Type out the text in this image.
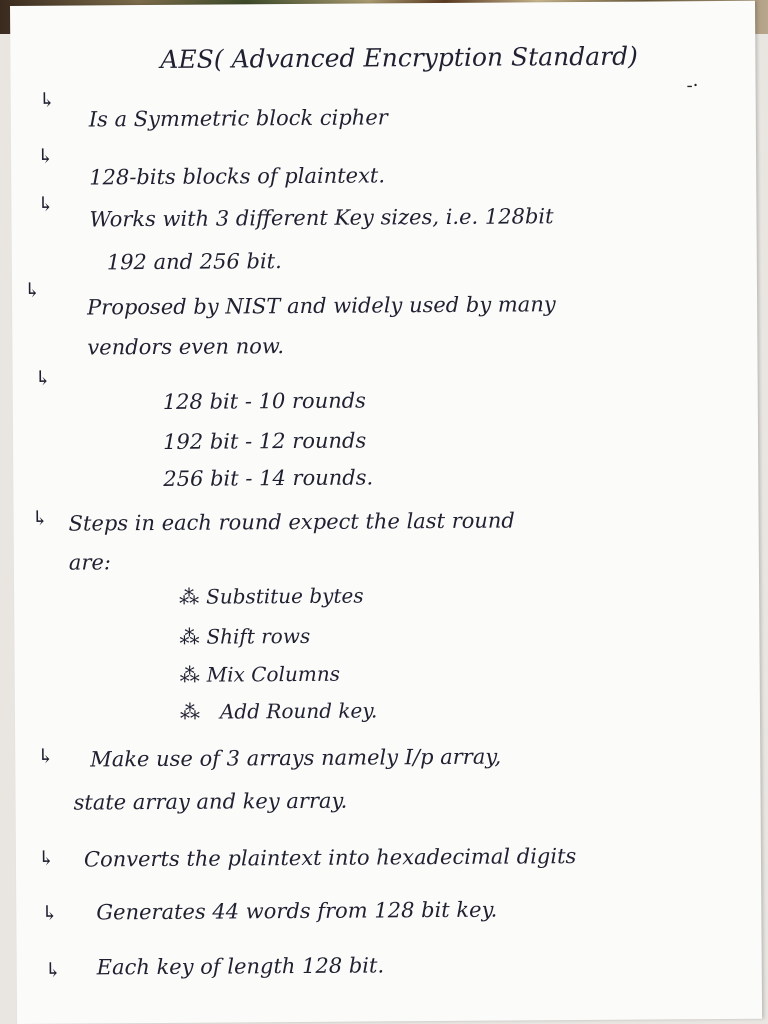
AES( Advanced Encryption Standard)
-·
↳
Is a Symmetric block cipher
↳
128-bits blocks of plaintext.
↳
Works with 3 different Key sizes, i.e. 128bit
192 and 256 bit.
↳
Proposed by NIST and widely used by many
vendors even now.
↳
128 bit - 10 rounds
192 bit - 12 rounds
256 bit - 14 rounds.
↳ Steps in each round expect the last round
are:
⁂ Substitue bytes
⁂ Shift rows
⁂ Mix Columns
⁂ Add Round key.
↳ Make use of 3 arrays namely I/p array,
state array and key array.
↳ Converts the plaintext into hexadecimal digits
↳ Generates 44 words from 128 bit key.
↳ Each key of length 128 bit.
